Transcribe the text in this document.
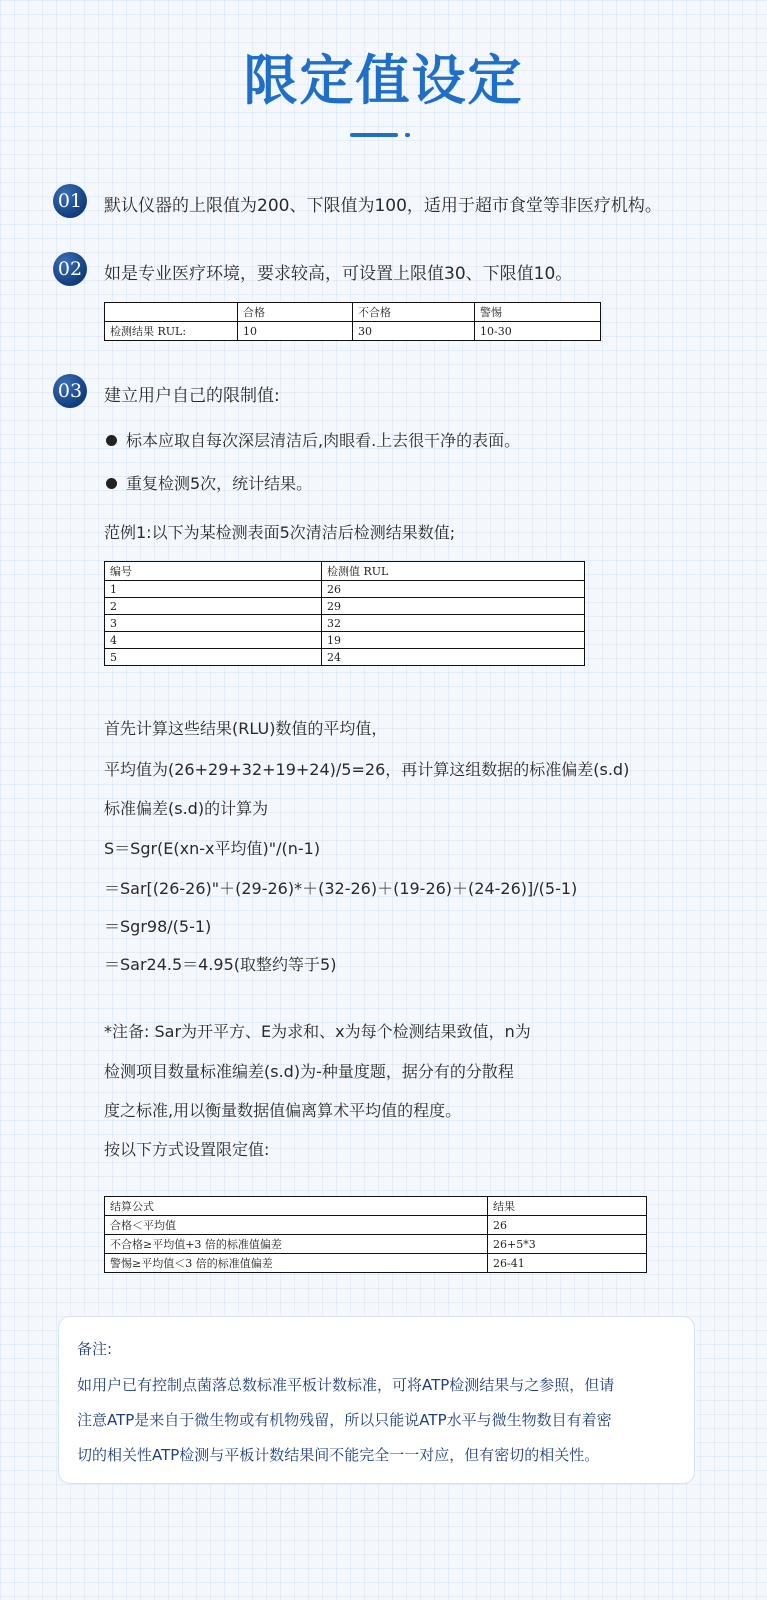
限定值设定
01 默认仪器的上限值为200、下限值为100，适用于超市食堂等非医疗机构。
02 如是专业医疗环境，要求较高，可设置上限值30、下限值10。
	合格	不合格	警惕
检测结果 RUL:	10	30	10-30
03 建立用户自己的限制值:
标本应取自每次深层清洁后,肉眼看.上去很干净的表面。
重复检测5次，统计结果。
范例1:以下为某检测表面5次清洁后检测结果数值;
编号	检测值 RUL
1	26
2	29
3	32
4	19
5	24
首先计算这些结果(RLU)数值的平均值，
平均值为(26+29+32+19+24)/5=26，再计算这组数据的标准偏差(s.d)
标准偏差(s.d)的计算为
S＝Sgr(E(xn-x平均值)"/(n-1)
＝Sar[(26-26)"＋(29-26)*＋(32-26)＋(19-26)＋(24-26)]/(5-1)
＝Sgr98/(5-1)
＝Sar24.5＝4.95(取整约等于5)
*注备: Sar为开平方、E为求和、x为每个检测结果致值，n为
检测项目数量标准编差(s.d)为-种量度题，据分有的分散程
度之标准,用以衡量数据值偏离算术平均值的程度。
按以下方式设置限定值:
结算公式	结果
合格＜平均值	26
不合格≥平均值+3 倍的标准值偏差	26+5*3
警惕≥平均值＜3 倍的标准值偏差	26-41
备注:
如用户已有控制点菌落总数标准平板计数标准，可将ATP检测结果与之参照，但请
注意ATP是来自于微生物或有机物残留，所以只能说ATP水平与微生物数目有着密
切的相关性ATP检测与平板计数结果间不能完全一一对应，但有密切的相关性。
